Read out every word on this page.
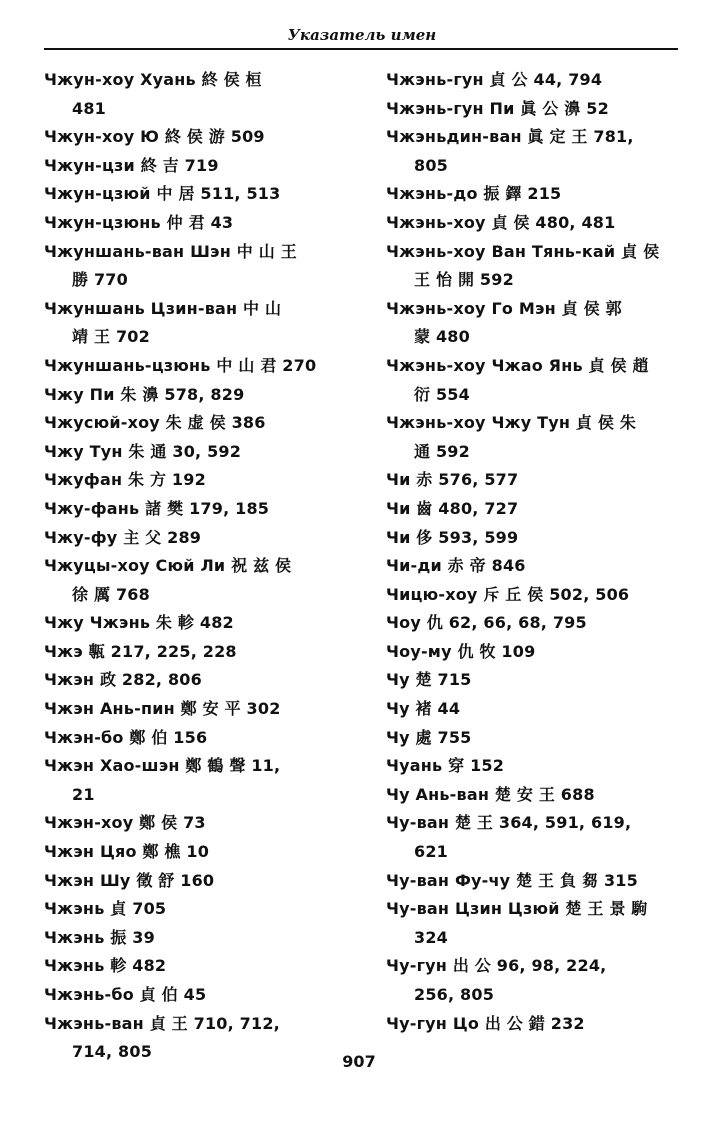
Указатель имен
Чжун-хоу Хуань 終 侯 桓
481
Чжун-хоу Ю 終 侯 游 509
Чжун-цзи 終 吉 719
Чжун-цзюй 中 居 511, 513
Чжун-цзюнь 仲 君 43
Чжуншань-ван Шэн 中 山 王
勝 770
Чжуншань Цзин-ван 中 山
靖 王 702
Чжуншань-цзюнь 中 山 君 270
Чжу Пи 朱 濞 578, 829
Чжусюй-хоу 朱 虚 侯 386
Чжу Тун 朱 通 30, 592
Чжуфан 朱 方 192
Чжу-фань 諸 樊 179, 185
Чжу-фу 主 父 289
Чжуцы-хоу Сюй Ли 祝 兹 侯
徐 厲 768
Чжу Чжэнь 朱 軫 482
Чжэ 甎 217, 225, 228
Чжэн 政 282, 806
Чжэн Ань-пин 鄭 安 平 302
Чжэн-бо 鄭 伯 156
Чжэн Хао-шэн 鄭 鶴 聲 11,
21
Чжэн-хоу 鄭 侯 73
Чжэн Цяо 鄭 樵 10
Чжэн Шу 徵 舒 160
Чжэнь 貞 705
Чжэнь 振 39
Чжэнь 軫 482
Чжэнь-бо 貞 伯 45
Чжэнь-ван 貞 王 710, 712,
714, 805
Чжэнь-гун 貞 公 44, 794
Чжэнь-гун Пи 眞 公 濞 52
Чжэньдин-ван 眞 定 王 781,
805
Чжэнь-до 振 鐸 215
Чжэнь-хоу 貞 侯 480, 481
Чжэнь-хоу Ван Тянь-кай 貞 侯
王 怡 開 592
Чжэнь-хоу Го Мэн 貞 侯 郭
蒙 480
Чжэнь-хоу Чжао Янь 貞 侯 趙
衍 554
Чжэнь-хоу Чжу Тун 貞 侯 朱
通 592
Чи 赤 576, 577
Чи 齒 480, 727
Чи 侈 593, 599
Чи-ди 赤 帝 846
Чицю-хоу 斥 丘 侯 502, 506
Чоу 仇 62, 66, 68, 795
Чоу-му 仇 牧 109
Чу 楚 715
Чу 褚 44
Чу 處 755
Чуань 穿 152
Чу Ань-ван 楚 安 王 688
Чу-ван 楚 王 364, 591, 619,
621
Чу-ван Фу-чу 楚 王 負 芻 315
Чу-ван Цзин Цзюй 楚 王 景 駒
324
Чу-гун 出 公 96, 98, 224,
256, 805
Чу-гун Цо 出 公 錯 232
907
